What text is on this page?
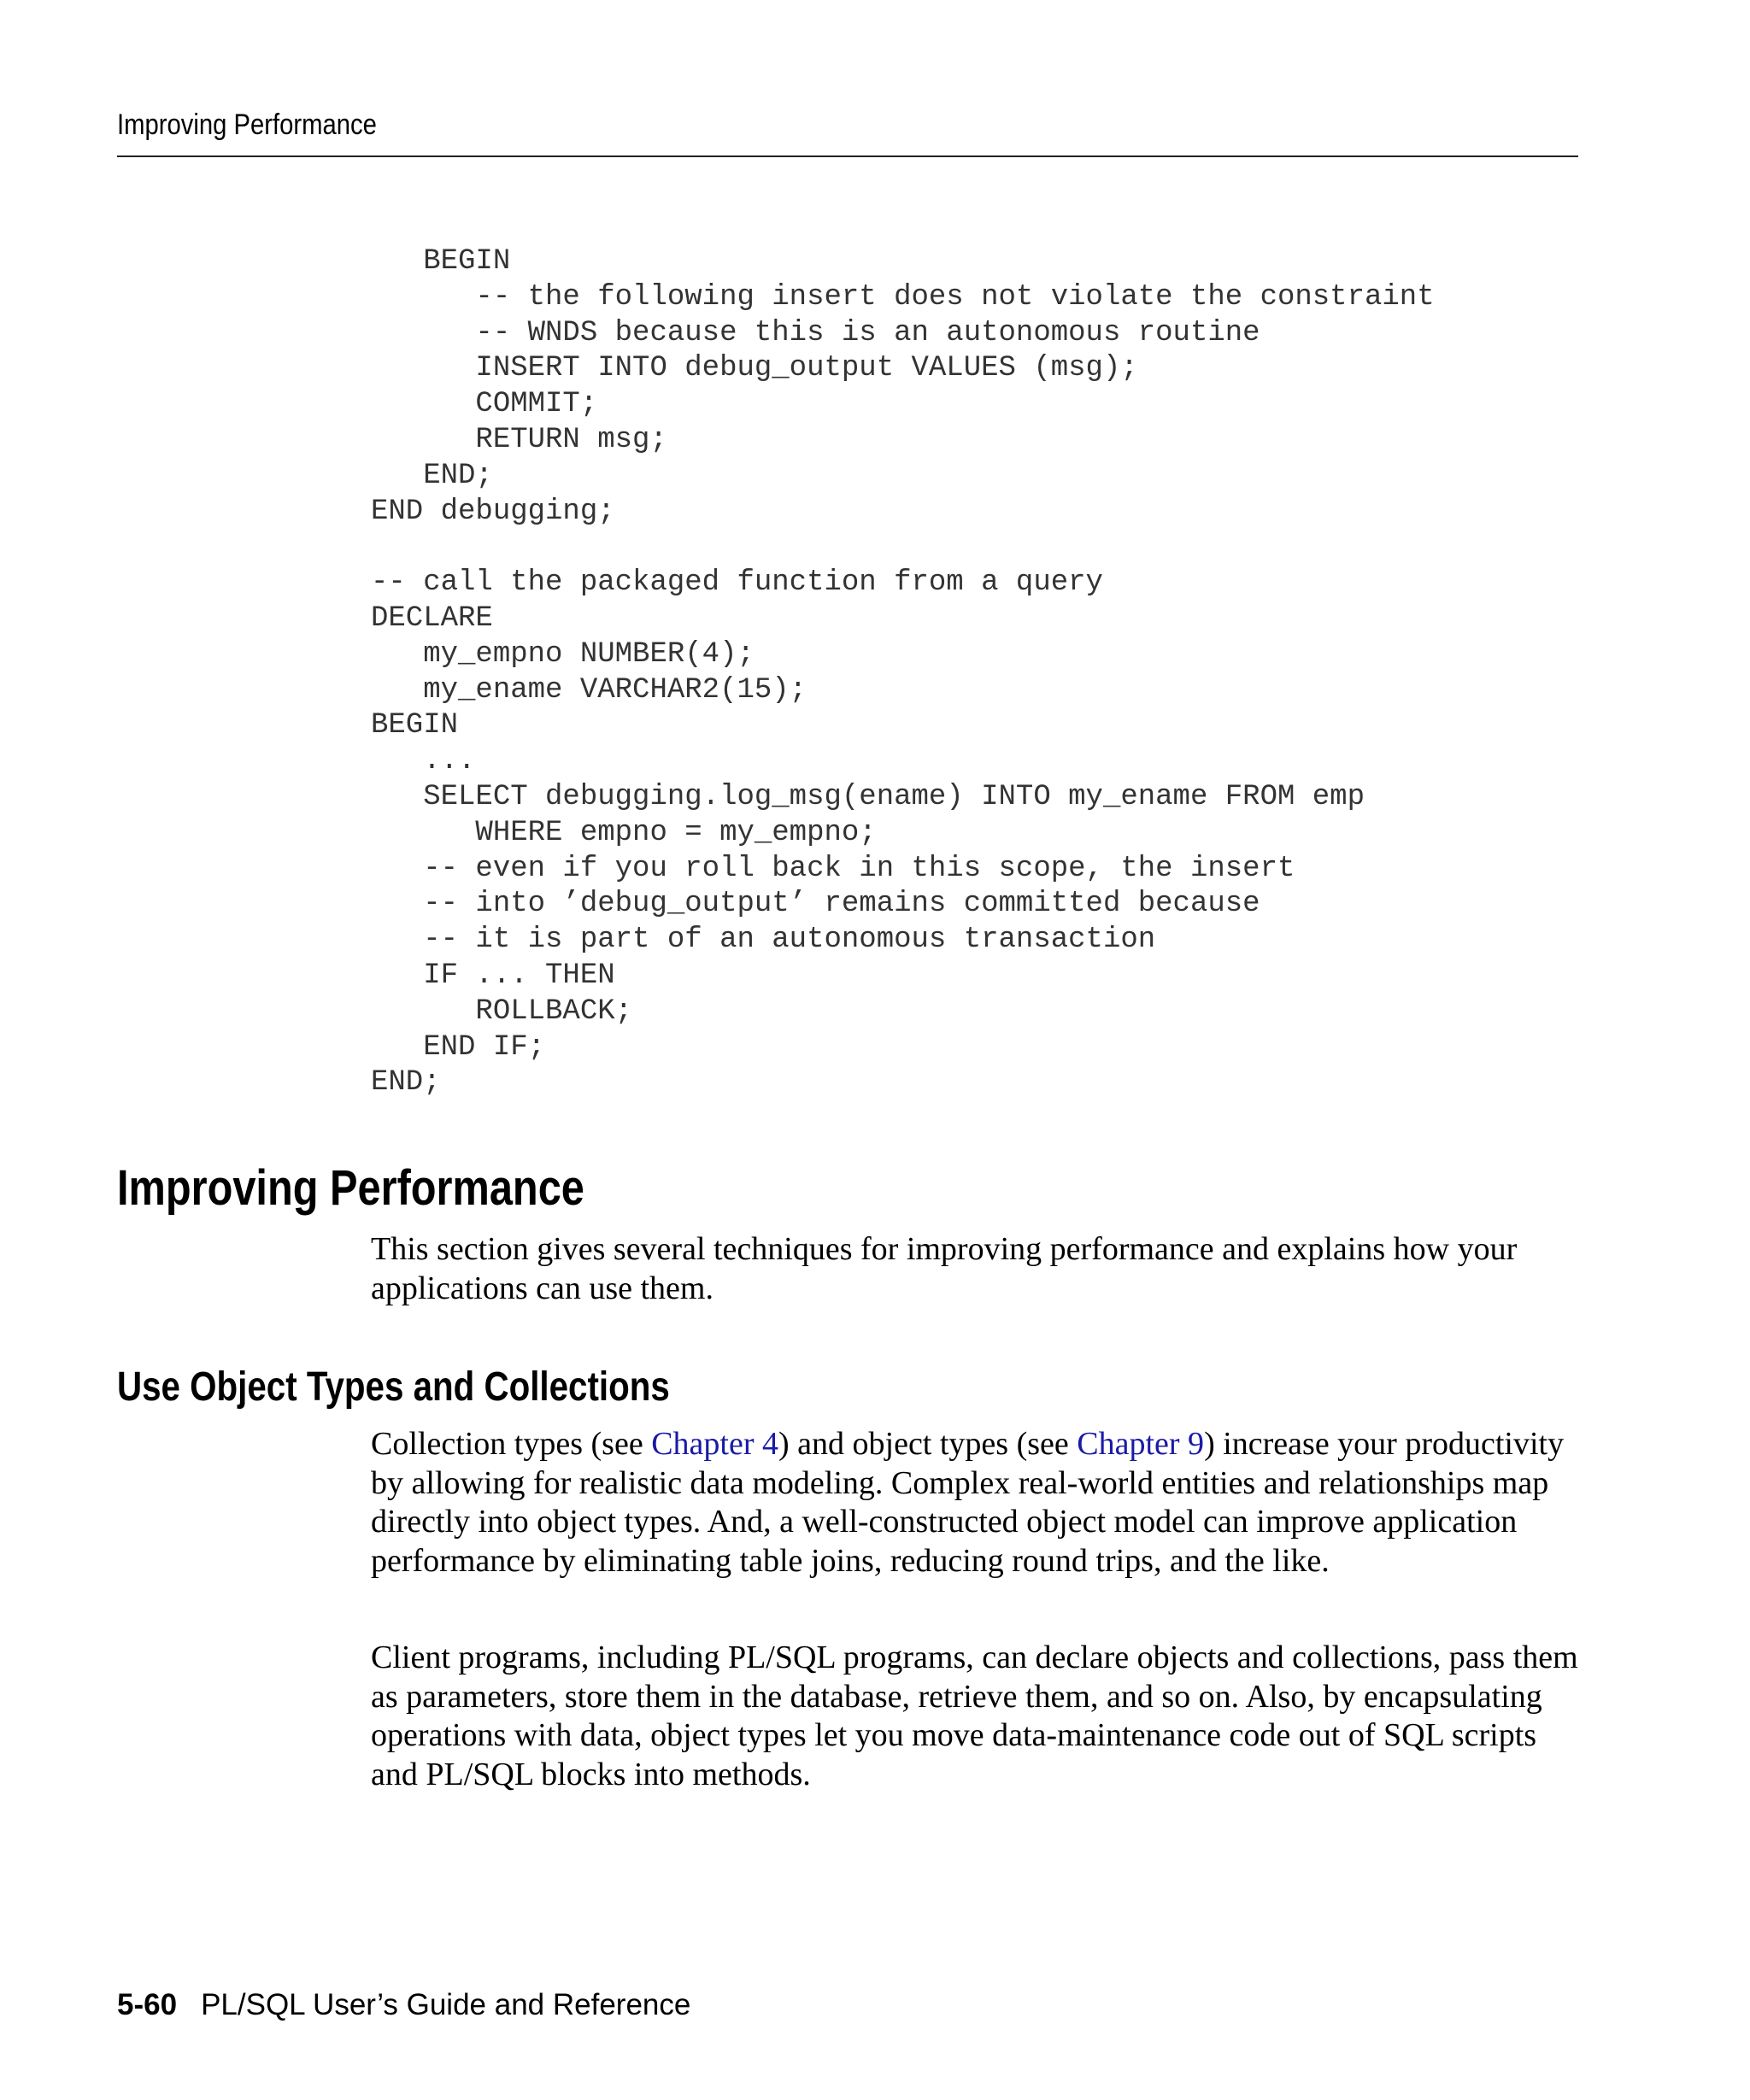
Improving Performance
BEGIN
-- the following insert does not violate the constraint
-- WNDS because this is an autonomous routine
INSERT INTO debug_output VALUES (msg);
COMMIT;
RETURN msg;
END;
END debugging;
-- call the packaged function from a query
DECLARE
my_empno NUMBER(4);
my_ename VARCHAR2(15);
BEGIN
...
SELECT debugging.log_msg(ename) INTO my_ename FROM emp
WHERE empno = my_empno;
-- even if you roll back in this scope, the insert
-- into ’debug_output’ remains committed because
-- it is part of an autonomous transaction
IF ... THEN
ROLLBACK;
END IF;
END;
Improving Performance

This section gives several techniques for improving performance and explains how your applications can use them.

Use Object Types and Collections

Collection types (see Chapter 4) and object types (see Chapter 9) increase your productivity by allowing for realistic data modeling. Complex real-world entities and relationships map directly into object types. And, a well-constructed object model can improve application performance by eliminating table joins, reducing round trips, and the like.

Client programs, including PL/SQL programs, can declare objects and collections, pass them as parameters, store them in the database, retrieve them, and so on. Also, by encapsulating operations with data, object types let you move data-maintenance code out of SQL scripts and PL/SQL blocks into methods.

5-60 PL/SQL User’s Guide and Reference
